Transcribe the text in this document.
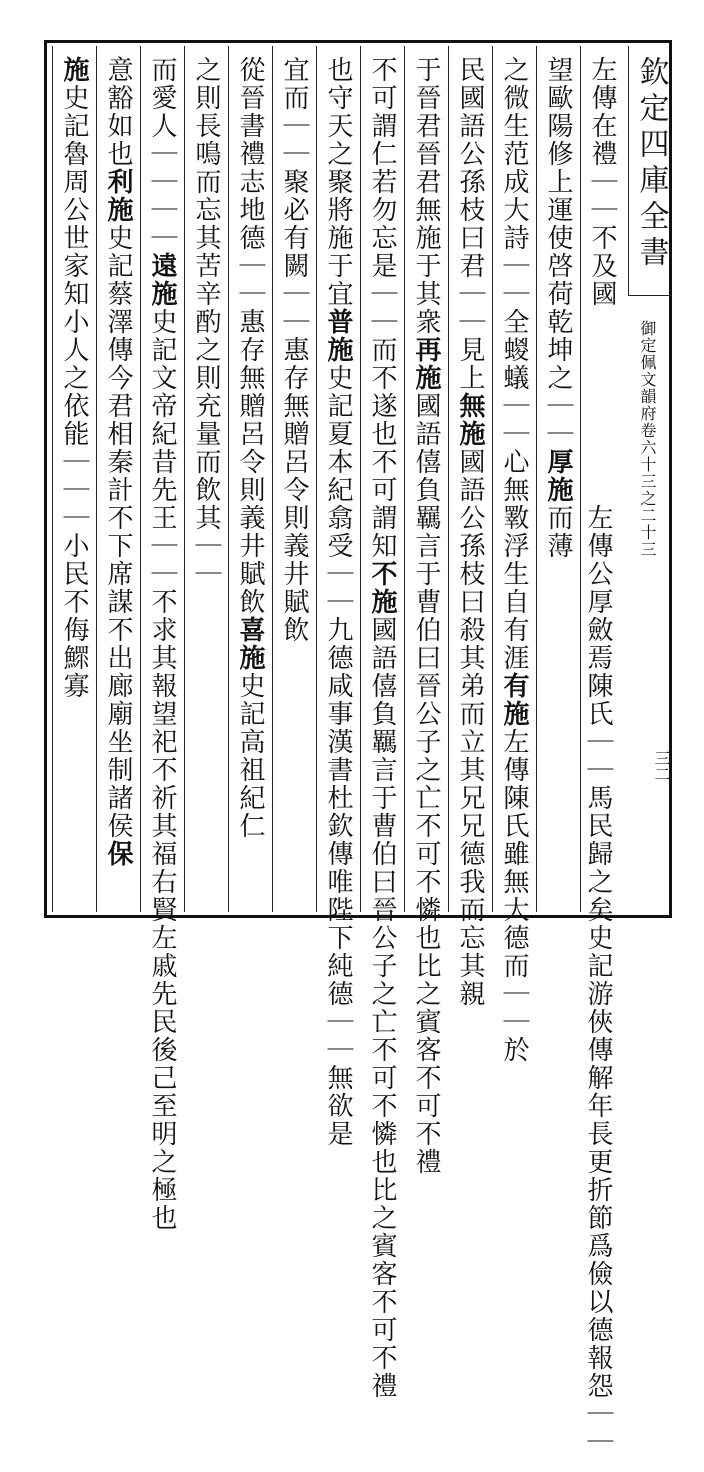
欽定四庫全書
御定佩文韻府卷六十三之二十三
三二
左傳在禮｜｜不及國
望歐陽修上運使啓荷乾坤之｜｜
厚施
左傳公厚斂焉陳氏｜｜馬民歸之矣史記游俠傳解年長更折節爲儉以德報怨｜｜而薄
之微生范成大詩｜｜全蝬蟻｜｜心無斁浮生自有涯
有施
左傳陳氏雖無大德而｜｜於
民國語公孫枝曰君｜｜見上
無施
國語公孫枝曰殺其弟而立其兄兄德我而忘其親
于晉君晉君無施于其衆
再施
國語僖負羈言于曹伯曰晉公子之亡不可不憐也比之賓客不可不禮
不可謂仁若勿忘是｜｜而不遂也不可謂知
不施
國語僖負羈言于曹伯曰晉公子之亡不可不憐也比之賓客不可不禮
也守天之聚將施于宜
普施
史記夏本紀翕受｜｜九德咸事漢書杜欽傳唯陛下純德｜｜無欲是
宜而｜｜聚必有闕｜｜惠存無贈呂令則義井賦飲
從晉書禮志地德｜｜惠存無贈呂令則義井賦飲
喜施
史記高祖紀仁
之則長鳴而忘其苦辛酌之則充量而飲其｜｜
而愛人｜｜｜｜
遠施
史記文帝紀昔先王｜｜不求其報望祀不祈其福右賢左戚先民後己至明之極也
意豁如也
利施
史記蔡澤傳今君相秦計不下席謀不出廊廟坐制諸侯
保
施
史記魯周公世家知小人之依能｜｜｜小民不侮鰥寡
